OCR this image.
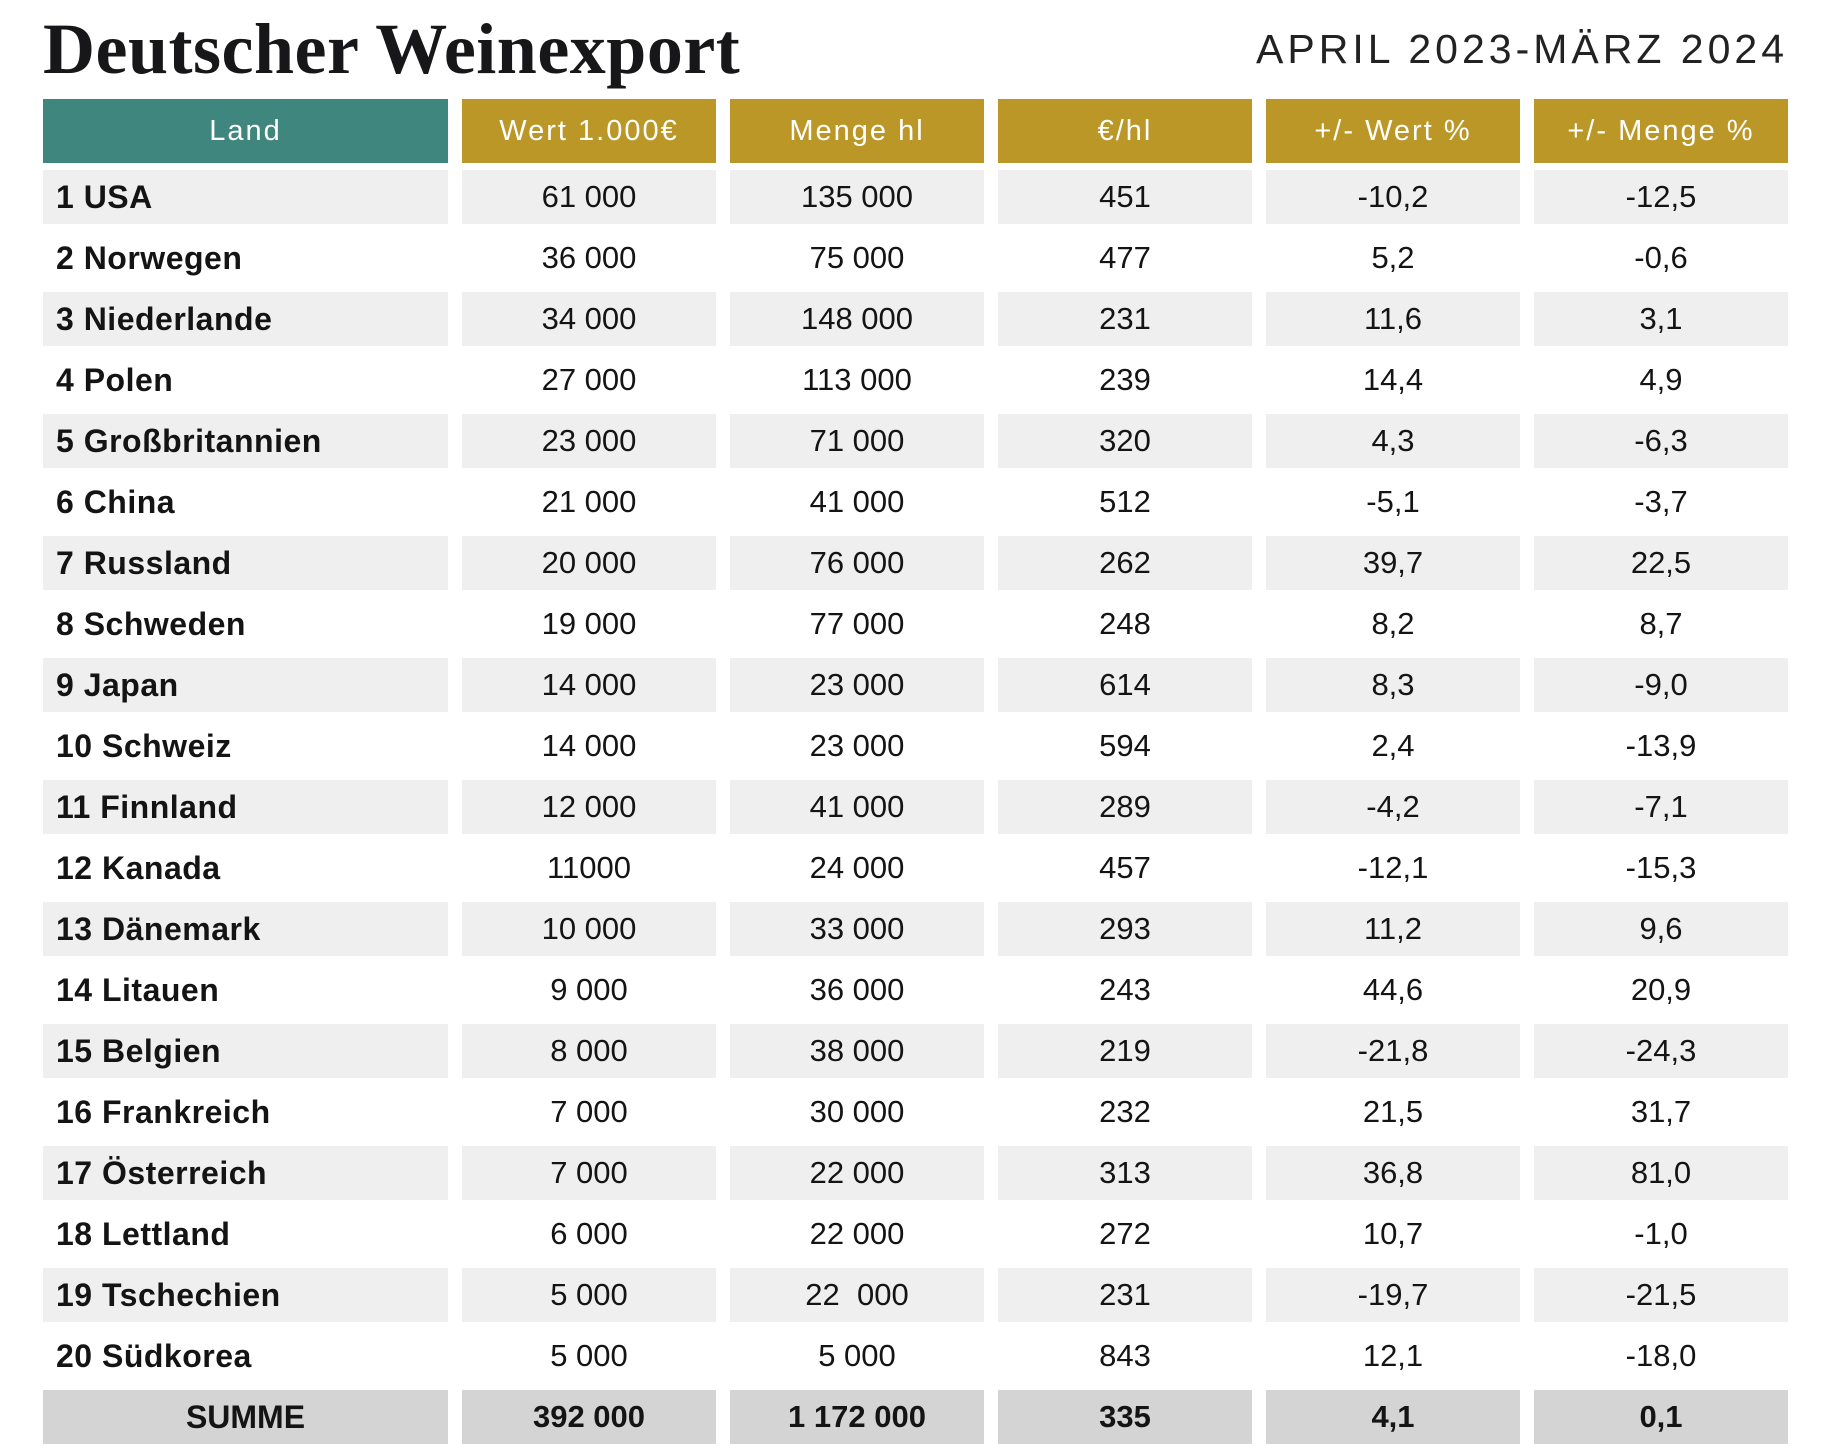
Deutscher Weinexport	APRIL 2023-MÄRZ 2024
Land	Wert 1.000€	Menge hl	€/hl	+/- Wert %	+/- Menge %
1 USA	61 000	135 000	451	-10,2	-12,5
2 Norwegen	36 000	75 000	477	5,2	-0,6
3 Niederlande	34 000	148 000	231	11,6	3,1
4 Polen	27 000	113 000	239	14,4	4,9
5 Großbritannien	23 000	71 000	320	4,3	-6,3
6 China	21 000	41 000	512	-5,1	-3,7
7 Russland	20 000	76 000	262	39,7	22,5
8 Schweden	19 000	77 000	248	8,2	8,7
9 Japan	14 000	23 000	614	8,3	-9,0
10 Schweiz	14 000	23 000	594	2,4	-13,9
11 Finnland	12 000	41 000	289	-4,2	-7,1
12 Kanada	11000	24 000	457	-12,1	-15,3
13 Dänemark	10 000	33 000	293	11,2	9,6
14 Litauen	9 000	36 000	243	44,6	20,9
15 Belgien	8 000	38 000	219	-21,8	-24,3
16 Frankreich	7 000	30 000	232	21,5	31,7
17 Österreich	7 000	22 000	313	36,8	81,0
18 Lettland	6 000	22 000	272	10,7	-1,0
19 Tschechien	5 000	22  000	231	-19,7	-21,5
20 Südkorea	5 000	5 000	843	12,1	-18,0
SUMME	392 000	1 172 000	335	4,1	0,1
